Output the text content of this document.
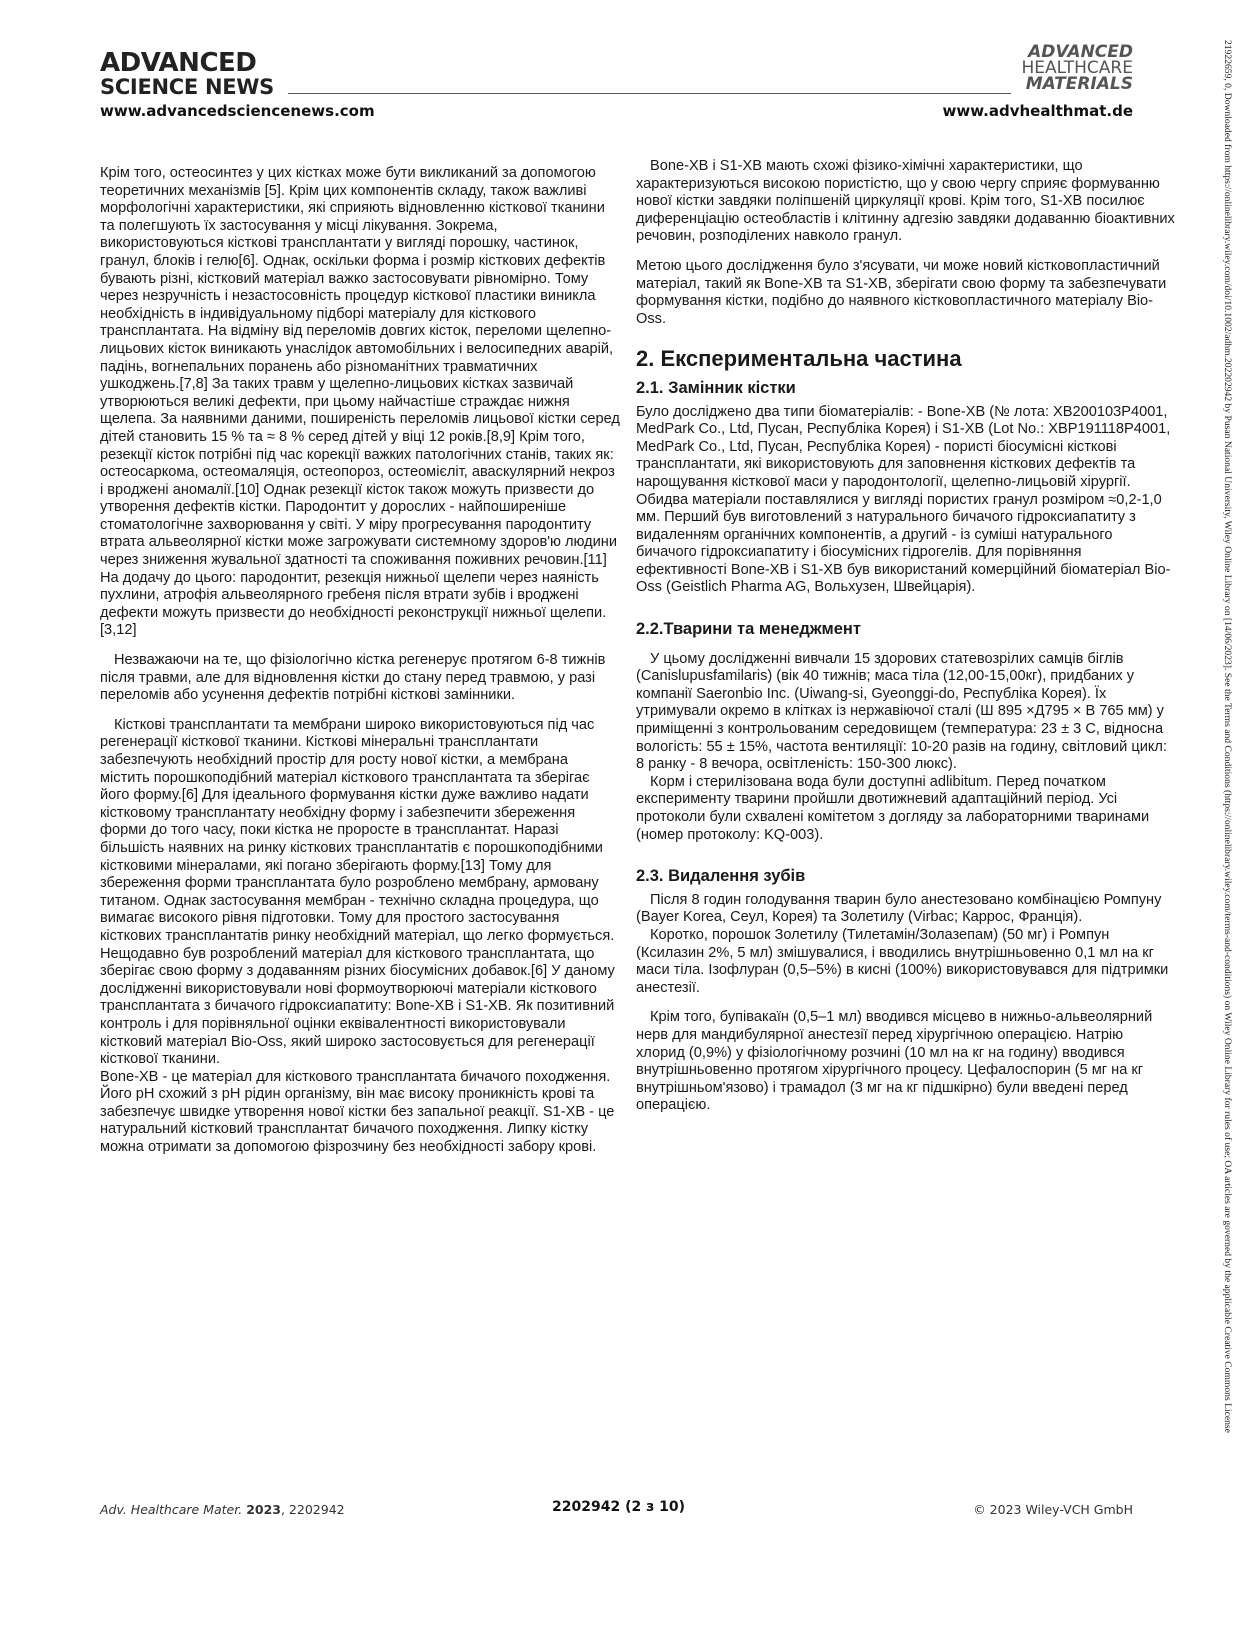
ADVANCED
SCIENCE NEWS
ADVANCED
HEALTHCARE
MATERIALS
www.advancedsciencenews.com	www.advhealthmat.de

Крім того, остеосинтез у цих кістках може бути викликаний за допомогою теоретичних механізмів [5]. Крім цих компонентів складу, також важливі морфологічні характеристики, які сприяють відновленню кісткової тканини та полегшують їх застосування у місці лікування. Зокрема, використовуються кісткові трансплантати у вигляді порошку, частинок, гранул, блоків і гелю[6]. Однак, оскільки форма і розмір кісткових дефектів бувають різні, кістковий матеріал важко застосовувати рівномірно. Тому через незручність і незастосовність процедур кісткової пластики виникла необхідність в індивідуальному підборі матеріалу для кісткового трансплантата. На відміну від переломів довгих кісток, переломи щелепно- лицьових кісток виникають унаслідок автомобільних і велосипедних аварій, падінь, вогнепальних поранень або різноманітних травматичних ушкоджень.[7,8] За таких травм у щелепно-лицьових кістках зазвичай утворюються великі дефекти, при цьому найчастіше страждає нижня щелепа. За наявними даними, поширеність переломів лицьової кістки серед дітей становить 15 % та ≈ 8 % серед дітей у віці 12 років.[8,9] Крім того, резекції кісток потрібні під час корекції важких патологічних станів, таких як: остеосаркома, остеомаляція, остеопороз, остеомієліт, аваскулярний некроз і вроджені аномалії.[10] Однак резекції кісток також можуть призвести до утворення дефектів кістки. Пародонтит у дорослих - найпоширеніше стоматологічне захворювання у світі. У міру прогресування пародонтиту втрата альвеолярної кістки може загрожувати системному здоров'ю людини через зниження жувальної здатності та споживання поживних речовин.[11] На додачу до цього: пародонтит, резекція нижньої щелепи через наяність пухлини, атрофія альвеолярного гребеня після втрати зубів і вроджені дефекти можуть призвести до необхідності реконструкції нижньої щелепи.[3,12]

Незважаючи на те, що фізіологічно кістка регенерує протягом 6-8 тижнів після травми, але для відновлення кістки до стану перед травмою, у разі переломів або усунення дефектів потрібні кісткові замінники.

Кісткові трансплантати та мембрани широко використовуються під час регенерації кісткової тканини. Кісткові мінеральні трансплантати забезпечують необхідний простір для росту нової кістки, а мембрана містить порошкоподібний матеріал кісткового трансплантата та зберігає його форму.[6] Для ідеального формування кістки дуже важливо надати кістковому трансплантату необхідну форму і забезпечити збереження форми до того часу, поки кістка не проросте в трансплантат. Наразі більшість наявних на ринку кісткових трансплантатів є порошкоподібними кістковими мінералами, які погано зберігають форму.[13] Тому для збереження форми трансплантата було розроблено мембрану, армовану титаном. Однак застосування мембран - технічно складна процедура, що вимагає високого рівня підготовки. Тому для простого застосування кісткових трансплантатів ринку необхідний матеріал, що легко формується. Нещодавно був розроблений матеріал для кісткового трансплантата, що зберігає свою форму з додаванням різних біосумісних добавок.[6] У даному дослідженні використовували нові формоутворюючі матеріали кісткового трансплантата з бичачого гідроксиапатиту: Bone-XB і S1-XB. Як позитивний контроль і для порівняльної оцінки еквівалентності використовували кістковий матеріал Bio-Oss, який широко застосовується для регенерації кісткової тканини.

Bone-XB - це матеріал для кісткового трансплантата бичачого походження. Його pH схожий з pH рідин організму, він має високу проникність крові та забезпечує швидке утворення нової кістки без запальної реакції. S1-XB - це натуральний кістковий трансплантат бичачого походження. Липку кістку можна отримати за допомогою фізрозчину без необхідності забору крові.

Bone-XB і S1-XB мають схожі фізико-хімічні характеристики, що характеризуються високою пористістю, що у свою чергу сприяє формуванню нової кістки завдяки поліпшеній циркуляції крові. Крім того, S1-XB посилює диференціацію остеобластів і клітинну адгезію завдяки додаванню біоактивних речовин, розподілених навколо гранул.

Метою цього дослідження було з'ясувати, чи може новий кістковопластичний матеріал, такий як Bone-XB та S1-XB, зберігати свою форму та забезпечувати формування кістки, подібно до наявного кістковопластичного матеріалу Bio-Oss.

2. Експериментальна частина
2.1. Замінник кістки

Було досліджено два типи біоматеріалів: - Bone-XB (№ лота: XB200103P4001, MedPark Co., Ltd, Пусан, Республіка Корея) і S1-XB (Lot No.: XBP191118P4001, MedPark Co., Ltd, Пусан, Республіка Корея) - пористі біосумісні кісткові трансплантати, які використовують для заповнення кісткових дефектів та нарощування кісткової маси у пародонтології, щелепно-лицьовій хірургії. Обидва матеріали поставлялися у вигляді пористих гранул розміром ≈0,2-1,0 мм. Перший був виготовлений з натурального бичачого гідроксиапатиту з видаленням органічних компонентів, а другий - із суміші натурального бичачого гідроксиапатиту і біосумісних гідрогелів. Для порівняння ефективності Bone-XB і S1-XB був використаний комерційний біоматеріал Bio-Oss (Geistlich Pharma AG, Вольхузен, Швейцарія).

2.2.Тварини та менеджмент

У цьому дослідженні вивчали 15 здорових статевозрілих самців біглів (Canislupusfamilaris) (вік 40 тижнів; маса тіла (12,00-15,00кг), придбаних у компанії Saeronbio Inc. (Uiwang-si, Gyeonggi-do, Республіка Корея). Їх утримували окремо в клітках із нержавіючої сталі (Ш 895 ×Д795 × В 765 мм) у приміщенні з контрольованим середовищем (температура: 23 ± 3 С, відносна вологість: 55 ± 15%, частота вентиляції: 10-20 разів на годину, світловий цикл: 8 ранку - 8 вечора, освітленість: 150-300 люкс).

Корм і стерилізована вода були доступні adlibitum. Перед початком експерименту тварини пройшли двотижневий адаптаційний період. Усі протоколи були схвалені комітетом з догляду за лабораторними тваринами (номер протоколу: KQ-003).

2.3. Видалення зубів

Після 8 годин голодування тварин було анестезовано комбінацією Ромпуну (Bayer Korea, Сеул, Корея) та Золетилу (Virbac; Каррос, Франція).

Коротко, порошок Золетилу (Тилетамін/Золазепам) (50 мг) і Ромпун (Ксилазин 2%, 5 мл) змішувалися, і вводились внутрішньовенно 0,1 мл на кг маси тіла. Ізофлуран (0,5–5%) в кисні (100%) використовувався для підтримки анестезії.

Крім того, бупівакаїн (0,5–1 мл) вводився місцево в нижньо-альвеолярний нерв для мандибулярної анестезії перед хірургічною операцією. Натрію хлорид (0,9%) у фізіологічному розчині (10 мл на кг на годину) вводився внутрішньовенно протягом хірургічного процесу. Цефалоспорин (5 мг на кг внутрішньом'язово) і трамадол (3 мг на кг підшкірно) були введені перед операцією.

Adv. Healthcare Mater. 2023, 2202942	2202942 (2 з 10)	© 2023 Wiley-VCH GmbH
21922659, 0, Downloaded from https://onlinelibrary.wiley.com/doi/10.1002/adhm.202202942 by Pusan National University, Wiley Online Library on [14/06/2023]. See the Terms and Conditions (https://onlinelibrary.wiley.com/terms-and-conditions) on Wiley Online Library for rules of use; OA articles are governed by the applicable Creative Commons License
